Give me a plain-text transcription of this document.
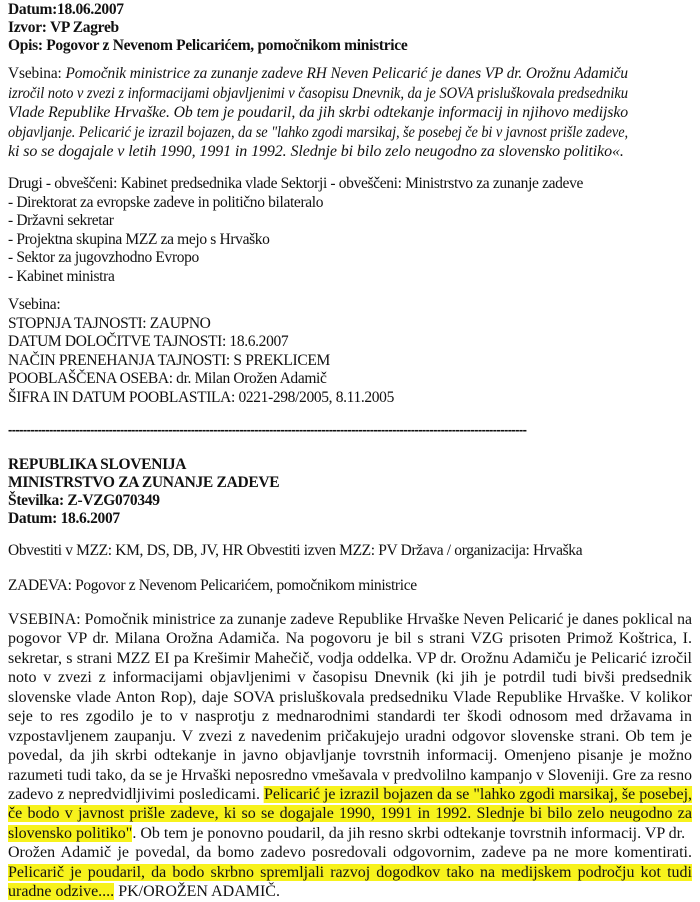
Datum:18.06.2007
Izvor: VP Zagreb
Opis: Pogovor z Nevenom Pelicarićem, pomočnikom ministrice
Vsebina: Pomočnik ministrice za zunanje zadeve RH Neven Pelicarić je danes VP dr. Orožnu Adamiču izročil noto v zvezi z informacijami objavljenimi v časopisu Dnevnik, da je SOVA prisluškovala predsedniku Vlade Republike Hrvaške. Ob tem je poudaril, da jih skrbi odtekanje informacij in njihovo medijsko objavljanje. Pelicarić je izrazil bojazen, da se "lahko zgodi marsikaj, še posebej če bi v javnost prišle zadeve, ki so se dogajale v letih 1990, 1991 in 1992. Slednje bi bilo zelo neugodno za slovensko politiko«.
Drugi - obveščeni: Kabinet predsednika vlade Sektorji - obveščeni: Ministrstvo za zunanje zadeve
- Direktorat za evropske zadeve in politično bilateralo
- Državni sekretar
- Projektna skupina MZZ za mejo s Hrvaško
- Sektor za jugovzhodno Evropo
- Kabinet ministra
Vsebina:
STOPNJA TAJNOSTI: ZAUPNO
DATUM DOLOČITVE TAJNOSTI: 18.6.2007
NAČIN PRENEHANJA TAJNOSTI: S PREKLICEM
POOBLAŠČENA OSEBA: dr. Milan Orožen Adamič
ŠIFRA IN DATUM POOBLASTILA: 0221-298/2005, 8.11.2005
-------------------------------------------------------------------------------------------------------------------------------------------
REPUBLIKA SLOVENIJA
MINISTRSTVO ZA ZUNANJE ZADEVE
Številka: Z-VZG070349
Datum: 18.6.2007
Obvestiti v MZZ: KM, DS, DB, JV, HR Obvestiti izven MZZ: PV Država / organizacija: Hrvaška
ZADEVA: Pogovor z Nevenom Pelicarićem, pomočnikom ministrice
VSEBINA: Pomočnik ministrice za zunanje zadeve Republike Hrvaške Neven Pelicarić je danes poklical na
pogovor VP dr. Milana Orožna Adamiča. Na pogovoru je bil s strani VZG prisoten Primož Koštrica, I.
sekretar, s strani MZZ EI pa Krešimir Mahečič, vodja oddelka. VP dr. Orožnu Adamiču je Pelicarić izročil
noto v zvezi z informacijami objavljenimi v časopisu Dnevnik (ki jih je potrdil tudi bivši predsednik
slovenske vlade Anton Rop), daje SOVA prisluškovala predsedniku Vlade Republike Hrvaške. V kolikor
seje to res zgodilo je to v nasprotju z mednarodnimi standardi ter škodi odnosom med državama in
vzpostavljenem zaupanju. V zvezi z navedenim pričakujejo uradni odgovor slovenske strani. Ob tem je
povedal, da jih skrbi odtekanje in javno objavljanje tovrstnih informacij. Omenjeno pisanje je možno
razumeti tudi tako, da se je Hrvaški neposredno vmešavala v predvolilno kampanjo v Sloveniji. Gre za resno
zadevo z nepredvidljivimi posledicami. Pelicarić je izrazil bojazen da se "lahko zgodi marsikaj, še posebej,
če bodo v javnost prišle zadeve, ki so se dogajale 1990, 1991 in 1992. Slednje bi bilo zelo neugodno za
slovensko politiko". Ob tem je ponovno poudaril, da jih resno skrbi odtekanje tovrstnih informacij. VP dr.
Orožen Adamič je povedal, da bomo zadevo posredovali odgovornim, zadeve pa ne more komentirati.
Pelicarič je poudaril, da bodo skrbno spremljali razvoj dogodkov tako na medijskem področju kot tudi
uradne odzive.... PK/OROŽEN ADAMIČ.
